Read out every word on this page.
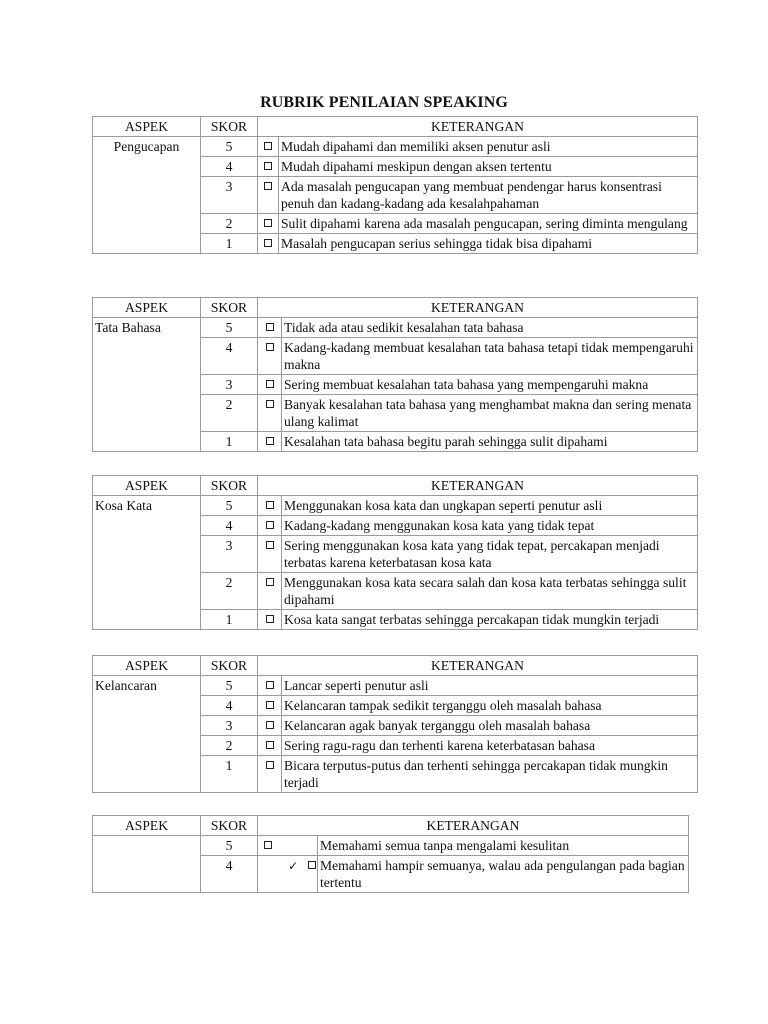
RUBRIK PENILAIAN SPEAKING
ASPEK	SKOR	KETERANGAN	
Pengucapan	5		Mudah dipahami dan memiliki aksen penutur asli
	4		Mudah dipahami meskipun dengan aksen tertentu
	3		Ada masalah pengucapan yang membuat pendengar harus konsentrasi penuh dan kadang-kadang ada kesalahpahaman
	2		Sulit dipahami karena ada masalah pengucapan, sering diminta mengulang
	1		Masalah pengucapan serius sehingga tidak bisa dipahami
ASPEK	SKOR	KETERANGAN	
Tata Bahasa	5		Tidak ada atau sedikit kesalahan tata bahasa
	4		Kadang-kadang membuat kesalahan tata bahasa tetapi tidak mempengaruhi makna
	3		Sering membuat kesalahan tata bahasa yang mempengaruhi makna
	2		Banyak kesalahan tata bahasa yang menghambat makna dan sering menata ulang kalimat
	1		Kesalahan tata bahasa begitu parah sehingga sulit dipahami
ASPEK	SKOR	KETERANGAN	
Kosa Kata	5		Menggunakan kosa kata dan ungkapan seperti penutur asli
	4		Kadang-kadang menggunakan kosa kata yang tidak tepat
	3		Sering menggunakan kosa kata yang tidak tepat, percakapan menjadi terbatas karena keterbatasan kosa kata
	2		Menggunakan kosa kata secara salah dan kosa kata terbatas sehingga sulit dipahami
	1		Kosa kata sangat terbatas sehingga percakapan tidak mungkin terjadi
ASPEK	SKOR	KETERANGAN	
Kelancaran	5		Lancar seperti penutur asli
	4		Kelancaran tampak sedikit terganggu oleh masalah bahasa
	3		Kelancaran agak banyak terganggu oleh masalah bahasa
	2		Sering ragu-ragu dan terhenti karena keterbatasan bahasa
	1		Bicara terputus-putus dan terhenti sehingga percakapan tidak mungkin terjadi
ASPEK	SKOR	KETERANGAN	
	5		Memahami semua tanpa mengalami kesulitan
	4	✓	Memahami hampir semuanya, walau ada pengulangan pada bagian tertentu
